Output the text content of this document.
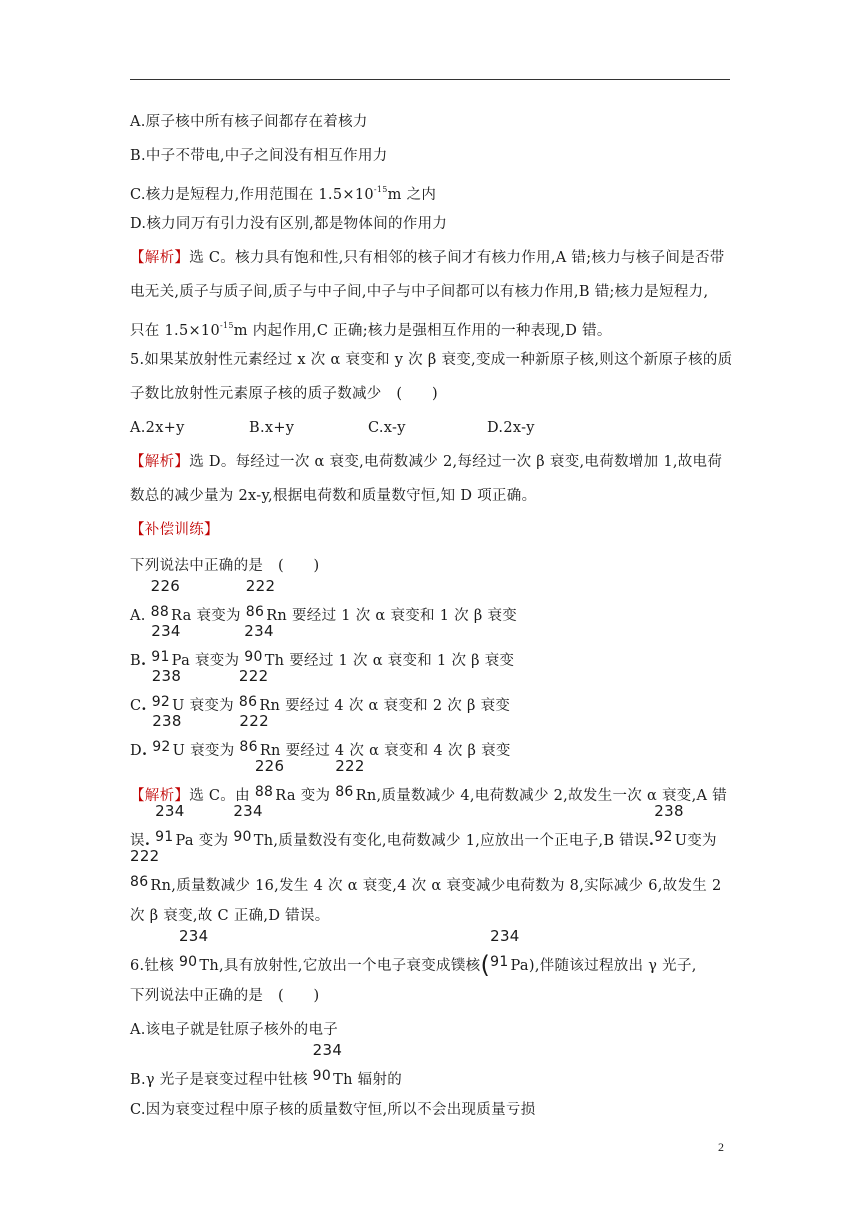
A.原子核中所有核子间都存在着核力
B.中子不带电,中子之间没有相互作用力
C.核力是短程力,作用范围在 $1.5\times 10^{-15}m$ 之内
D.核力同万有引力没有区别,都是物体间的作用力
【解析】选 C。核力具有饱和性,只有相邻的核子间才有核力作用,A 错;核力与核子间是否带
电无关,质子与质子间,质子与中子间,中子与中子间都可以有核力作用,B 错;核力是短程力,
只在 $1.5\times 10^{-15}m$ 内起作用,C 正确;核力是强相互作用的一种表现,D 错。
5.如果某放射性元素经过 x 次 α 衰变和 y 次 β 衰变,变成一种新原子核,则这个新原子核的质
子数比放射性元素原子核的质子数减少　(　　)
A.2x+y	B.x+y	C.x-y	D.2x-y
【解析】选 D。每经过一次 α 衰变,电荷数减少 2,每经过一次 β 衰变,电荷数增加 1,故电荷
数总的减少量为 2x-y,根据电荷数和质量数守恒,知 D 项正确。
【补偿训练】
下列说法中正确的是　(　　)
A.
226
88 Ra 衰变为
222
86 Rn 要经过 1 次 α 衰变和 1 次 β 衰变
B.
234
91 Pa 衰变为
234
90 Th 要经过 1 次 α 衰变和 1 次 β 衰变
C.
238
92 U 衰变为
222
86 Rn 要经过 4 次 α 衰变和 2 次 β 衰变
D.
238
92 U 衰变为
222
86 Rn 要经过 4 次 α 衰变和 4 次 β 衰变
【解析】选 C。由
226
88 Ra 变为
222
86 Rn,质量数减少 4,电荷数减少 2,故发生一次 α 衰变,A 错
误.
234
91 Pa 变为
234
90 Th,质量数没有变化,电荷数减少 1,应放出一个正电子,B 错误.
238
92 U变为
222
86 Rn,质量数减少 16,发生 4 次 α 衰变,4 次 α 衰变减少电荷数为 8,实际减少 6,故发生 2
次 β 衰变,故 C 正确,D 错误。
6.钍核
234
90 Th,具有放射性,它放出一个电子衰变成镤核(
234
91 Pa),伴随该过程放出 γ 光子,
下列说法中正确的是　(　　)
A.该电子就是钍原子核外的电子
B.γ 光子是衰变过程中钍核
234
90 Th 辐射的
C.因为衰变过程中原子核的质量数守恒,所以不会出现质量亏损
2
